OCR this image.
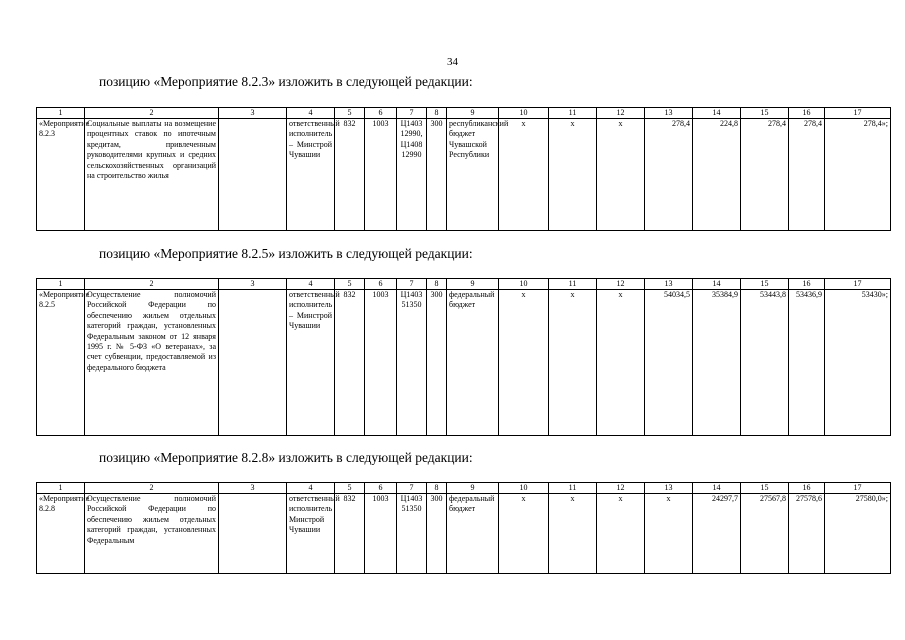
34
позицию «Мероприятие 8.2.3» изложить в следующей редакции:
1	2	3	4	5	6	7	8	9	10	11	12	13	14	15	16	17
«Мероприятие 8.2.3	Социальные выплаты на возмещение процентных ставок по ипотечным кредитам, привлеченным руководителями крупных и средних сельскохозяйственных организаций на строительство жилья		ответственный исполнитель – Минстрой Чувашии	832	1003	Ц1403 12990, Ц1408 12990	300	республиканский бюджет Чувашской Республики	x	x	x	278,4	224,8	278,4	278,4	278,4»;
позицию «Мероприятие 8.2.5» изложить в следующей редакции:
1	2	3	4	5	6	7	8	9	10	11	12	13	14	15	16	17
«Мероприятие 8.2.5	Осуществление полномочий Российской Федерации по обеспечению жильем отдельных категорий граждан, установленных Федеральным законом от 12 января 1995 г. № 5-ФЗ «О ветеранах», за счет субвенции, предоставляемой из федерального бюджета		ответственный исполнитель – Минстрой Чувашии	832	1003	Ц1403 51350	300	федеральный бюджет	x	x	x	54034,5	35384,9	53443,8	53436,9	53430»;
позицию «Мероприятие 8.2.8» изложить в следующей редакции:
1	2	3	4	5	6	7	8	9	10	11	12	13	14	15	16	17
«Мероприятие 8.2.8	Осуществление полномочий Российской Федерации по обеспечению жильем отдельных категорий граждан, установленных Федеральным		ответственный исполнитель Минстрой Чувашии	832	1003	Ц1403 51350	300	федеральный бюджет	x	x	x	x	24297,7	27567,8	27578,6	27580,0»;
